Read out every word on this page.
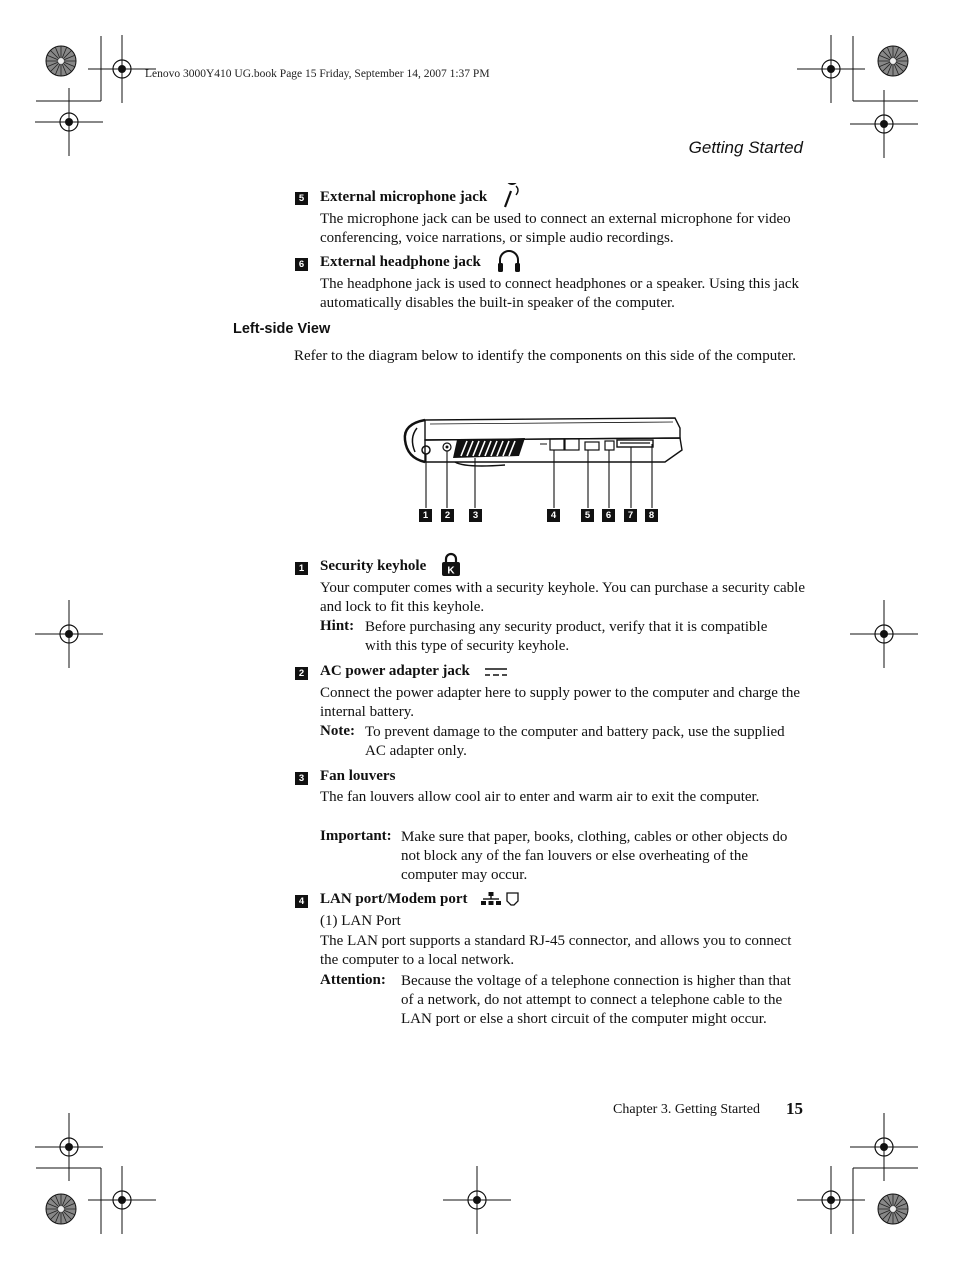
Lenovo 3000Y410 UG.book Page 15 Friday, September 14, 2007 1:37 PM
Getting Started
5 External microphone jack
The microphone jack can be used to connect an external microphone for video conferencing, voice narrations, or simple audio recordings.
6 External headphone jack
The headphone jack is used to connect headphones or a speaker. Using this jack automatically disables the built-in speaker of the computer.
Left-side View
Refer to the diagram below to identify the components on this side of the computer.
1	2	3	4	5	6	7	8
1 Security keyhole K
Your computer comes with a security keyhole. You can purchase a security cable and lock to fit this keyhole.
Hint: Before purchasing any security product, verify that it is compatible with this type of security keyhole.
2 AC power adapter jack
Connect the power adapter here to supply power to the computer and charge the internal battery.
Note: To prevent damage to the computer and battery pack, use the supplied AC adapter only.
3 Fan louvers
The fan louvers allow cool air to enter and warm air to exit the computer.
Important: Make sure that paper, books, clothing, cables or other objects do not block any of the fan louvers or else overheating of the computer may occur.
4 LAN port/Modem port
(1) LAN Port
The LAN port supports a standard RJ-45 connector, and allows you to connect the computer to a local network.
Attention: Because the voltage of a telephone connection is higher than that of a network, do not attempt to connect a telephone cable to the LAN port or else a short circuit of the computer might occur.
Chapter 3. Getting Started	15
